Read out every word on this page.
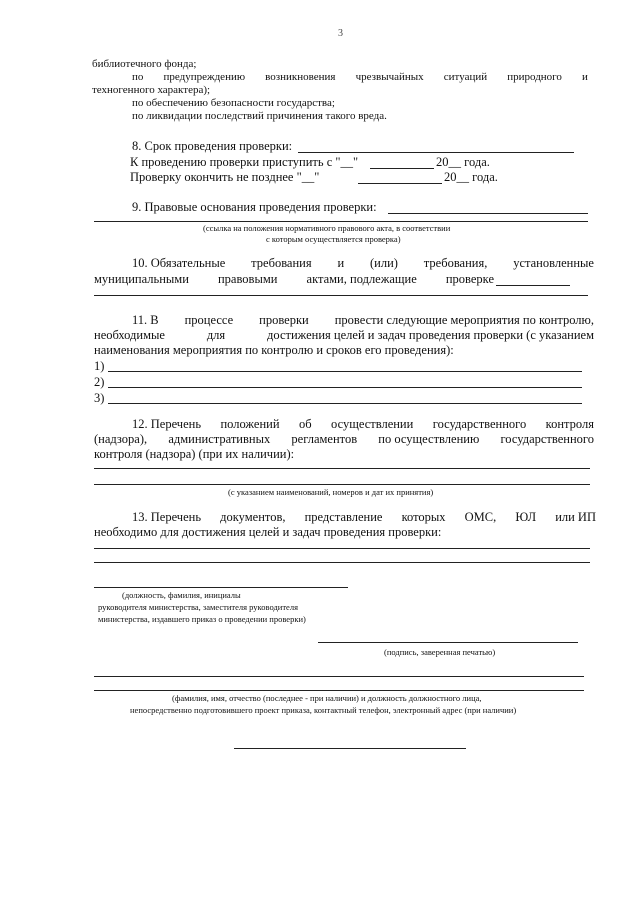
3
библиотечного фонда;
по предупреждению возникновения чрезвычайных ситуаций природного и
техногенного характера);
по обеспечению безопасности государства;
по ликвидации последствий причинения такого вреда.
8. Срок проведения проверки:
К проведению проверки приступить с "__"	20__ года.
Проверку окончить не позднее "__"	20__ года.
9. Правовые основания проведения проверки:
(ссылка на положения нормативного правового акта, в соответствии
с которым осуществляется проверка)
10. Обязательные требования и (или) требования, установленные
муниципальными правовыми актами, подлежащие проверке
11. В процессе проверки провести следующие мероприятия по контролю,
необходимые	для	достижения целей и задач проведения проверки (с указанием
наименования мероприятия по контролю и сроков его проведения):
1)
2)
3)
12. Перечень положений об осуществлении государственного контроля
(надзора), административных регламентов по осуществлению государственного
контроля (надзора) (при их наличии):
(с указанием наименований, номеров и дат их принятия)
13. Перечень документов, представление которых ОМС, ЮЛ или ИП
необходимо для достижения целей и задач проведения проверки:
(должность, фамилия, инициалы
руководителя министерства, заместителя руководителя
министерства, издавшего приказ о проведении проверки)
(подпись, заверенная печатью)
(фамилия, имя, отчество (последнее - при наличии) и должность должностного лица,
непосредственно подготовившего проект приказа, контактный телефон, электронный адрес (при наличии)
